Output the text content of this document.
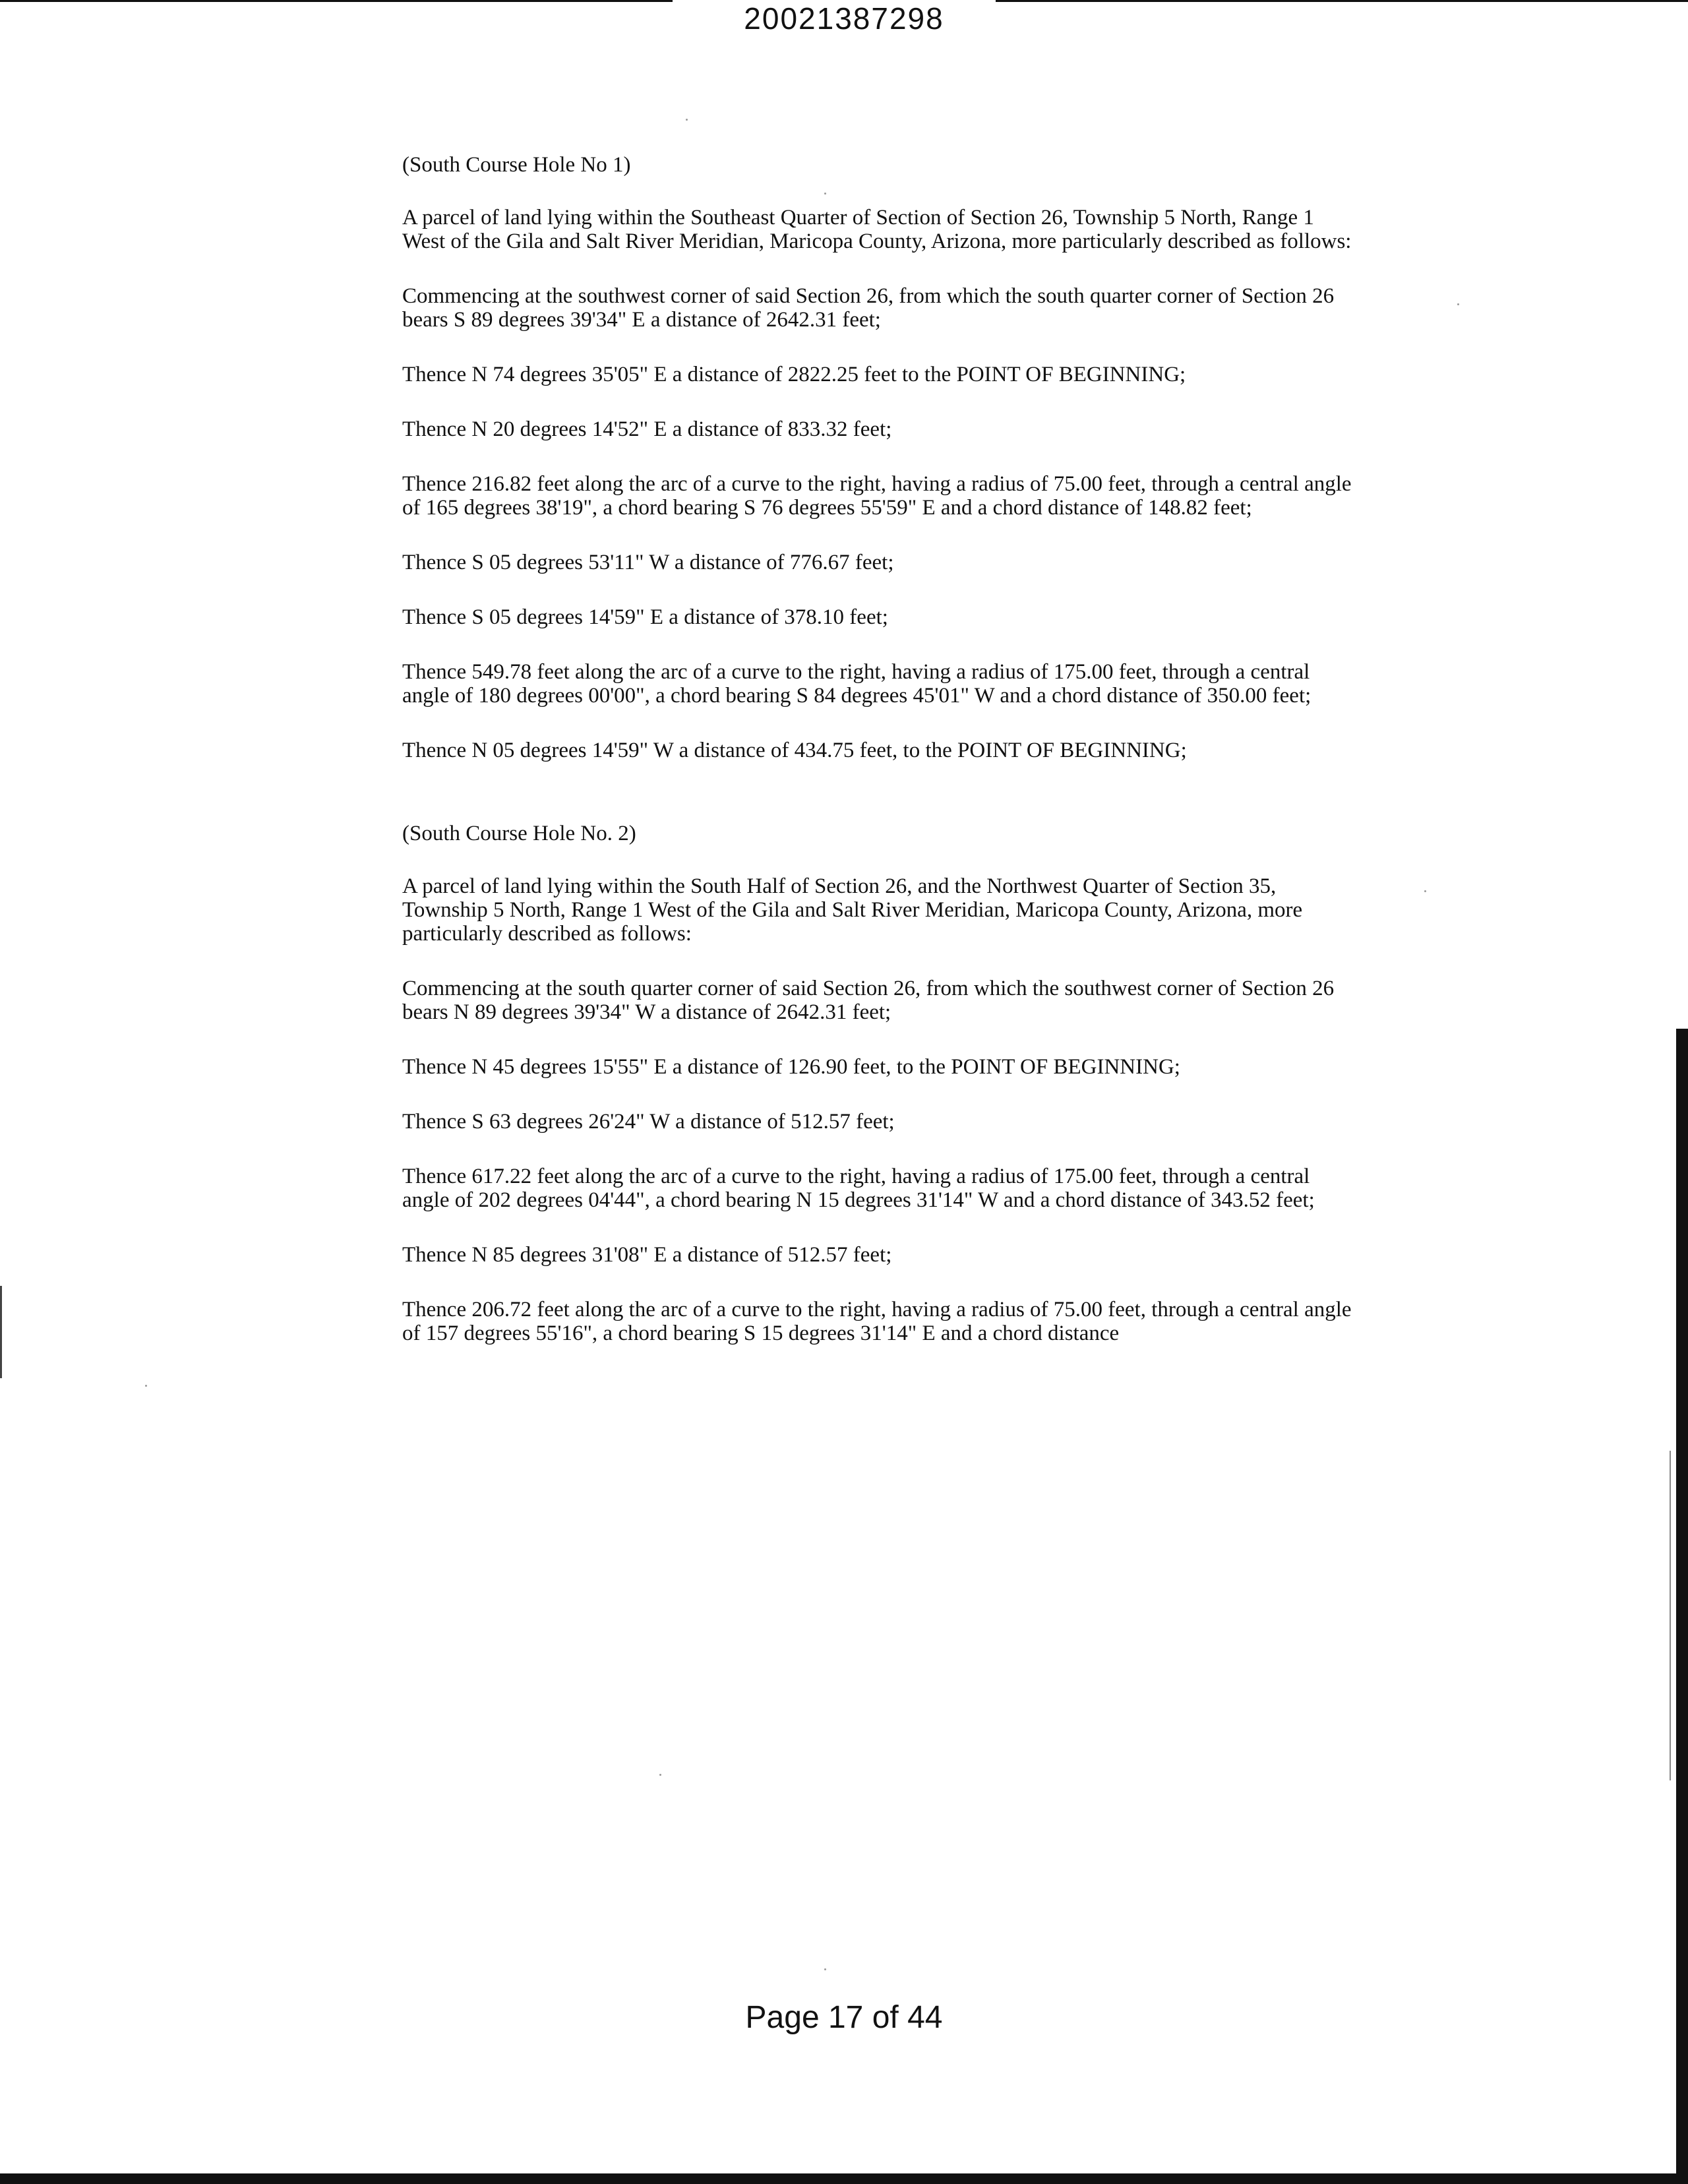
20021387298
(South Course Hole No 1)
A parcel of land lying within the Southeast Quarter of Section of Section 26, Township 5 North, Range 1 West of the Gila and Salt River Meridian, Maricopa County, Arizona, more particularly described as follows:
Commencing at the southwest corner of said Section 26, from which the south quarter corner of Section 26 bears S 89 degrees 39'34" E a distance of 2642.31 feet;
Thence N 74 degrees 35'05" E a distance of 2822.25 feet to the POINT OF BEGINNING;
Thence N 20 degrees 14'52" E a distance of 833.32 feet;
Thence 216.82 feet along the arc of a curve to the right, having a radius of 75.00 feet, through a central angle of 165 degrees 38'19", a chord bearing S 76 degrees 55'59" E and a chord distance of 148.82 feet;
Thence S 05 degrees 53'11" W a distance of 776.67 feet;
Thence S 05 degrees 14'59" E a distance of 378.10 feet;
Thence 549.78 feet along the arc of a curve to the right, having a radius of 175.00 feet, through a central angle of 180 degrees 00'00", a chord bearing S 84 degrees 45'01" W and a chord distance of 350.00 feet;
Thence N 05 degrees 14'59" W a distance of 434.75 feet, to the POINT OF BEGINNING;
(South Course Hole No. 2)
A parcel of land lying within the South Half of Section 26, and the Northwest Quarter of Section 35, Township 5 North, Range 1 West of the Gila and Salt River Meridian, Maricopa County, Arizona, more particularly described as follows:
Commencing at the south quarter corner of said Section 26, from which the southwest corner of Section 26 bears N 89 degrees 39'34" W a distance of 2642.31 feet;
Thence N 45 degrees 15'55" E a distance of 126.90 feet, to the POINT OF BEGINNING;
Thence S 63 degrees 26'24" W a distance of 512.57 feet;
Thence 617.22 feet along the arc of a curve to the right, having a radius of 175.00 feet, through a central angle of 202 degrees 04'44", a chord bearing N 15 degrees 31'14" W and a chord distance of 343.52 feet;
Thence N 85 degrees 31'08" E a distance of 512.57 feet;
Thence 206.72 feet along the arc of a curve to the right, having a radius of 75.00 feet, through a central angle of 157 degrees 55'16", a chord bearing S 15 degrees 31'14" E and a chord distance
Page 17 of 44
